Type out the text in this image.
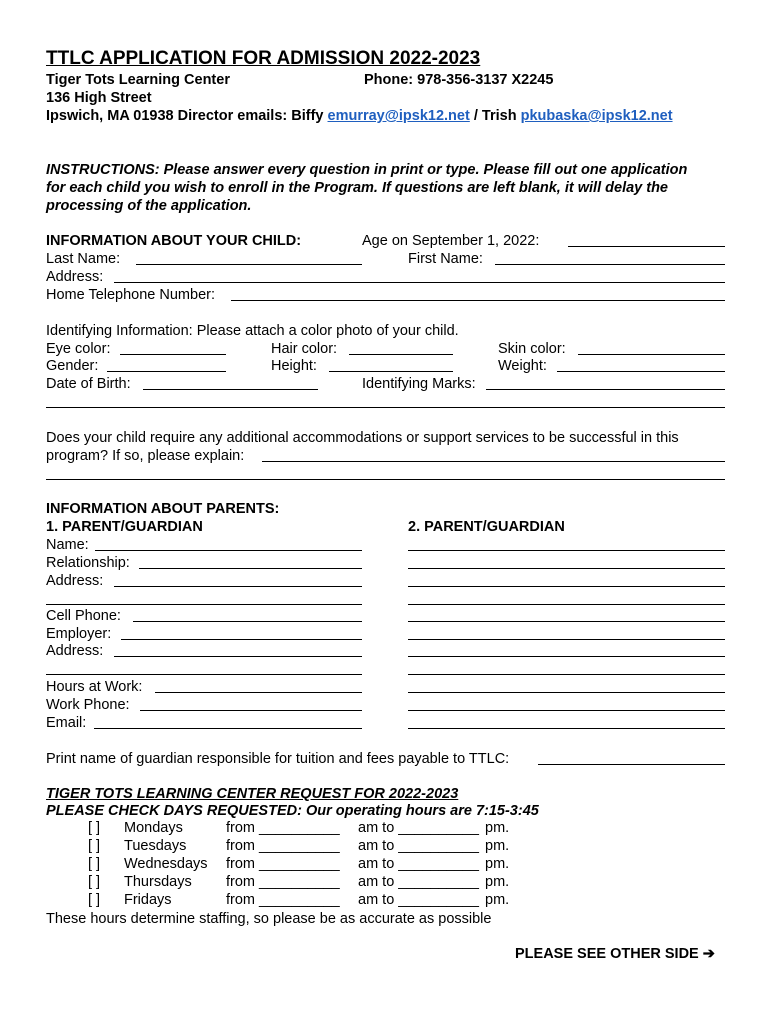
TTLC APPLICATION FOR ADMISSION 2022-2023
Tiger Tots Learning Center	Phone: 978-356-3137 X2245
136 High Street
Ipswich, MA 01938 Director emails: Biffy emurray@ipsk12.net / Trish pkubaska@ipsk12.net
INSTRUCTIONS: Please answer every question in print or type. Please fill out one application
for each child you wish to enroll in the Program. If questions are left blank, it will delay the
processing of the application.
INFORMATION ABOUT YOUR CHILD:	Age on September 1, 2022:
Last Name:	First Name:
Address:
Home Telephone Number:
Identifying Information: Please attach a color photo of your child.
Eye color:	Hair color:	Skin color:
Gender:	Height:	Weight:
Date of Birth:	Identifying Marks:
Does your child require any additional accommodations or support services to be successful in this
program? If so, please explain:
INFORMATION ABOUT PARENTS:
1. PARENT/GUARDIAN	2. PARENT/GUARDIAN
Name:
Relationship:
Address:
Cell Phone:
Employer:
Address:
Hours at Work:
Work Phone:
Email:
Print name of guardian responsible for tuition and fees payable to TTLC:
TIGER TOTS LEARNING CENTER REQUEST FOR 2022-2023
PLEASE CHECK DAYS REQUESTED: Our operating hours are 7:15-3:45
[ ] Mondays	from __________ am to __________ pm.
[ ] Tuesdays	from __________ am to __________ pm.
[ ] Wednesdays from __________ am to __________ pm.
[ ] Thursdays from __________ am to __________ pm.
[ ] Fridays	from __________ am to __________ pm.
These hours determine staffing, so please be as accurate as possible
PLEASE SEE OTHER SIDE ➔
